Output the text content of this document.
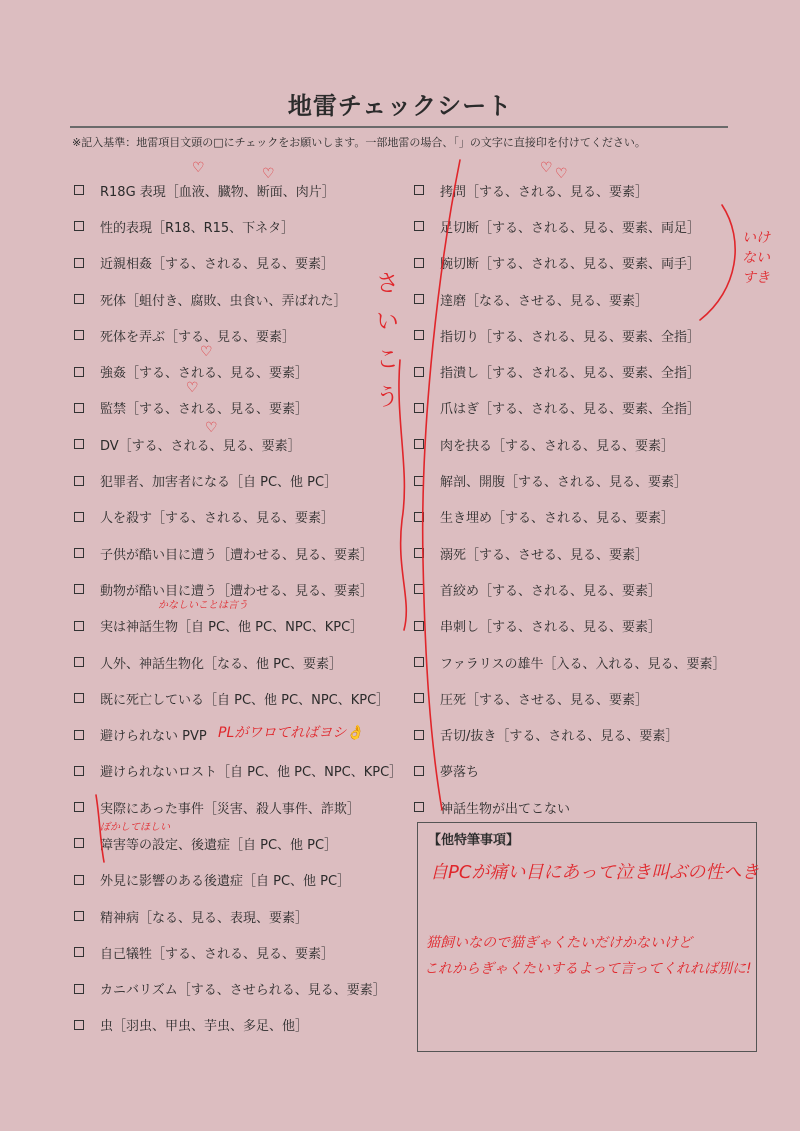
地雷チェックシート
※記入基準：地雷項目文頭の□にチェックをお願いします。一部地雷の場合、「」の文字に直接印を付けてください。
R18G 表現［血液、臓物、断面、肉片］
性的表現［R18、R15、下ネタ］
近親相姦［する、される、見る、要素］
死体［蛆付き、腐敗、虫食い、弄ばれた］
死体を弄ぶ［する、見る、要素］
強姦［する、される、見る、要素］
監禁［する、される、見る、要素］
DV［する、される、見る、要素］
犯罪者、加害者になる［自 PC、他 PC］
人を殺す［する、される、見る、要素］
子供が酷い目に遭う［遭わせる、見る、要素］
動物が酷い目に遭う［遭わせる、見る、要素］
実は神話生物［自 PC、他 PC、NPC、KPC］
人外、神話生物化［なる、他 PC、要素］
既に死亡している［自 PC、他 PC、NPC、KPC］
避けられない PVP
避けられないロスト［自 PC、他 PC、NPC、KPC］
実際にあった事件［災害、殺人事件、詐欺］
障害等の設定、後遺症［自 PC、他 PC］
外見に影響のある後遺症［自 PC、他 PC］
精神病［なる、見る、表現、要素］
自己犠牲［する、される、見る、要素］
カニバリズム［する、させられる、見る、要素］
虫［羽虫、甲虫、芋虫、多足、他］
拷問［する、される、見る、要素］
足切断［する、される、見る、要素、両足］
腕切断［する、される、見る、要素、両手］
達磨［なる、させる、見る、要素］
指切り［する、される、見る、要素、全指］
指潰し［する、される、見る、要素、全指］
爪はぎ［する、される、見る、要素、全指］
肉を抉る［する、される、見る、要素］
解剖、開腹［する、される、見る、要素］
生き埋め［する、される、見る、要素］
溺死［する、させる、見る、要素］
首絞め［する、される、見る、要素］
串刺し［する、される、見る、要素］
ファラリスの雄牛［入る、入れる、見る、要素］
圧死［する、させる、見る、要素］
舌切/抜き［する、される、見る、要素］
夢落ち
神話生物が出てこない
【他特筆事項】
♡	♡	♡ ♡
♡
♡
♡
いけない すき
さいこう
かなしいことは言う
PLがワロてればヨシ👌
ぼかしてほしい
自PCが痛い目にあって泣き叫ぶの性へき
猫飼いなので猫ぎゃくたいだけかないけど
これからぎゃくたいするよって言ってくれれば別に!
